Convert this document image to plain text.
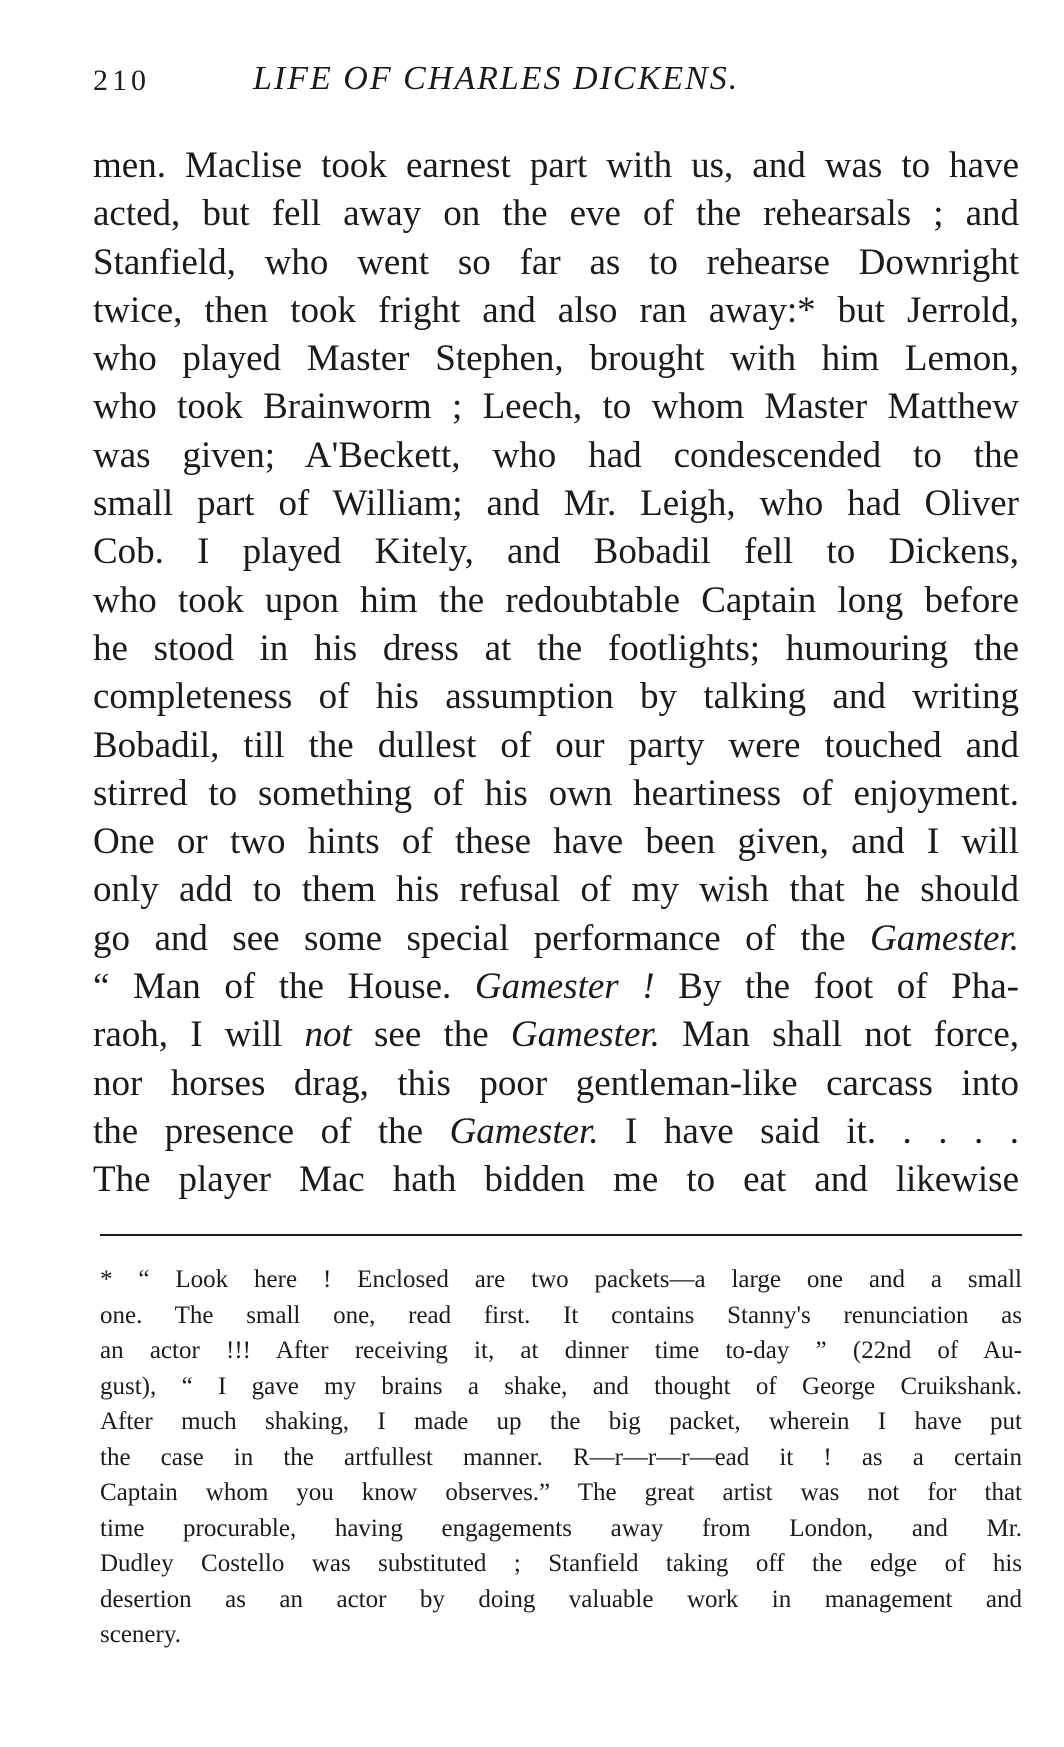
210	LIFE OF CHARLES DICKENS.
men. Maclise took earnest part with us, and was to have
acted, but fell away on the eve of the rehearsals ; and
Stanfield, who went so far as to rehearse Downright
twice, then took fright and also ran away:* but Jerrold,
who played Master Stephen, brought with him Lemon,
who took Brainworm ; Leech, to whom Master Matthew
was given; A'Beckett, who had condescended to the
small part of William; and Mr. Leigh, who had Oliver
Cob. I played Kitely, and Bobadil fell to Dickens,
who took upon him the redoubtable Captain long before
he stood in his dress at the footlights; humouring the
completeness of his assumption by talking and writing
Bobadil, till the dullest of our party were touched and
stirred to something of his own heartiness of enjoyment.
One or two hints of these have been given, and I will
only add to them his refusal of my wish that he should
go and see some special performance of the Gamester.
“ Man of the House. Gamester ! By the foot of Pha-
raoh, I will not see the Gamester. Man shall not force,
nor horses drag, this poor gentleman-like carcass into
the presence of the Gamester. I have said it. . . . .
The player Mac hath bidden me to eat and likewise
* “ Look here ! Enclosed are two packets—a large one and a small
one. The small one, read first. It contains Stanny's renunciation as
an actor !!! After receiving it, at dinner time to-day ” (22nd of Au-
gust), “ I gave my brains a shake, and thought of George Cruikshank.
After much shaking, I made up the big packet, wherein I have put
the case in the artfullest manner. R—r—r—r—ead it ! as a certain
Captain whom you know observes.” The great artist was not for that
time procurable, having engagements away from London, and Mr.
Dudley Costello was substituted ; Stanfield taking off the edge of his
desertion as an actor by doing valuable work in management and
scenery.
